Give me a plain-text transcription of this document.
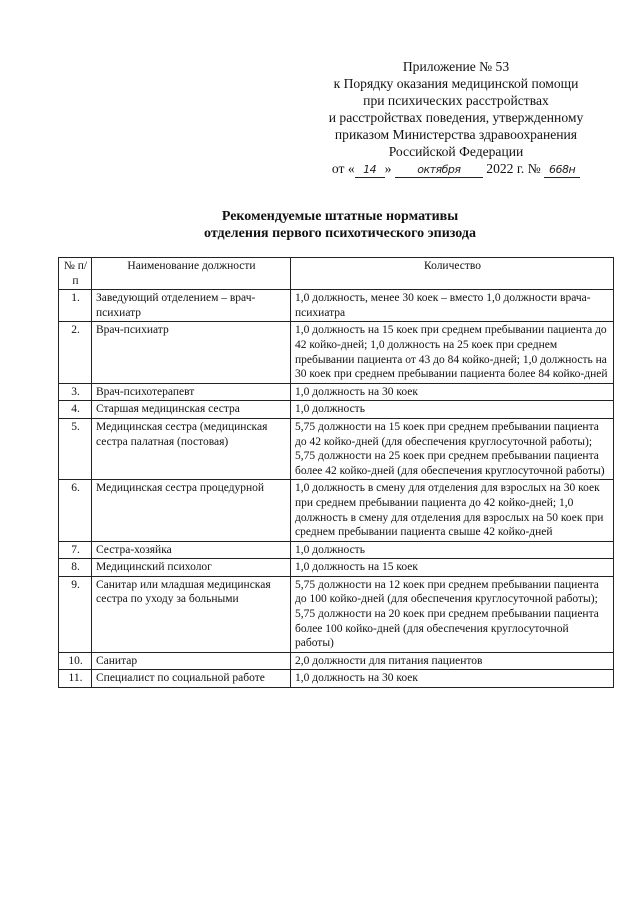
Приложение № 53
к Порядку оказания медицинской помощи
при психических расстройствах
и расстройствах поведения, утвержденному
приказом Министерства здравоохранения
Российской Федерации
от « 14 » октября 2022 г. № 668н
Рекомендуемые штатные нормативы
отделения первого психотического эпизода
№ п/п	Наименование должности	Количество
1.	Заведующий отделением – врач-психиатр	1,0 должность, менее 30 коек – вместо 1,0 должности врача-психиатра
2.	Врач-психиатр	1,0 должность на 15 коек при среднем пребывании пациента до 42 койко-дней; 1,0 должность на 25 коек при среднем пребывании пациента от 43 до 84 койко-дней; 1,0 должность на 30 коек при среднем пребывании пациента более 84 койко-дней
3.	Врач-психотерапевт	1,0 должность на 30 коек
4.	Старшая медицинская сестра	1,0 должность
5.	Медицинская сестра (медицинская сестра палатная (постовая)	5,75 должности на 15 коек при среднем пребывании пациента до 42 койко-дней (для обеспечения круглосуточной работы); 5,75 должности на 25 коек при среднем пребывании пациента более 42 койко-дней (для обеспечения круглосуточной работы)
6.	Медицинская сестра процедурной	1,0 должность в смену для отделения для взрослых на 30 коек при среднем пребывании пациента до 42 койко-дней; 1,0 должность в смену для отделения для взрослых на 50 коек при среднем пребывании пациента свыше 42 койко-дней
7.	Сестра-хозяйка	1,0 должность
8.	Медицинский психолог	1,0 должность на 15 коек
9.	Санитар или младшая медицинская сестра по уходу за больными	5,75 должности на 12 коек при среднем пребывании пациента до 100 койко-дней (для обеспечения круглосуточной работы); 5,75 должности на 20 коек при среднем пребывании пациента более 100 койко-дней (для обеспечения круглосуточной работы)
10.	Санитар	2,0 должности для питания пациентов
11.	Специалист по социальной работе	1,0 должность на 30 коек
